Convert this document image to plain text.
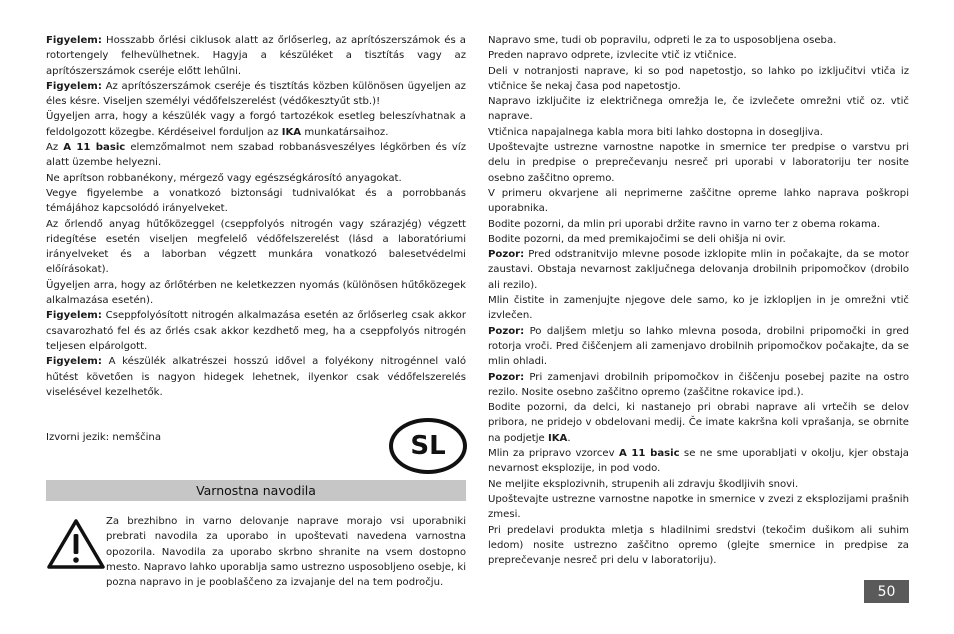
Figyelem: Hosszabb őrlési ciklusok alatt az őrlőserleg, az aprítószerszámok és a rotortengely felhevülhetnek. Hagyja a készüléket a tisztítás vagy az aprítószerszámok cseréje előtt lehűlni.

Figyelem: Az aprítószerszámok cseréje és tisztítás közben különösen ügyeljen az éles késre. Viseljen személyi védőfelszerelést (védőkesztyűt stb.)!

Ügyeljen arra, hogy a készülék vagy a forgó tartozékok esetleg beleszívhatnak a feldolgozott közegbe. Kérdéseivel forduljon az IKA munkatársaihoz.

Az A 11 basic elemzőmalmot nem szabad robbanásveszélyes légkörben és víz alatt üzembe helyezni.

Ne aprítson robbanékony, mérgező vagy egészségkárosító anyagokat.

Vegye figyelembe a vonatkozó biztonsági tudnivalókat és a porrobbanás témájához kapcsolódó irányelveket.

Az őrlendő anyag hűtőközeggel (cseppfolyós nitrogén vagy szárazjég) végzett ridegítése esetén viseljen megfelelő védőfelszerelést (lásd a laboratóriumi irányelveket és a laborban végzett munkára vonatkozó balesetvédelmi előírásokat).

Ügyeljen arra, hogy az őrlőtérben ne keletkezzen nyomás (különösen hűtőközegek alkalmazása esetén).

Figyelem: Cseppfolyósított nitrogén alkalmazása esetén az őrlőserleg csak akkor csavarozható fel és az őrlés csak akkor kezdhető meg, ha a cseppfolyós nitrogén teljesen elpárolgott.

Figyelem: A készülék alkatrészei hosszú idővel a folyékony nitrogénnel való hűtést követően is nagyon hidegek lehetnek, ilyenkor csak védőfelszerelés viselésével kezelhetők.

Izvorni jezik: nemščina	SL
Varnostna navodila
Za brezhibno in varno delovanje naprave morajo vsi uporabniki prebrati navodila za uporabo in upoštevati navedena varnostna opozorila. Navodila za uporabo skrbno shranite na vsem dostopno mesto. Napravo lahko uporablja samo ustrezno usposobljeno osebje, ki pozna napravo in je pooblaščeno za izvajanje del na tem področju.

Napravo sme, tudi ob popravilu, odpreti le za to usposobljena oseba.

Preden napravo odprete, izvlecite vtič iz vtičnice.

Deli v notranjosti naprave, ki so pod napetostjo, so lahko po izključitvi vtiča iz vtičnice še nekaj časa pod napetostjo.

Napravo izključite iz električnega omrežja le, če izvlečete omrežni vtič oz. vtič naprave.

Vtičnica napajalnega kabla mora biti lahko dostopna in dosegljiva.

Upoštevajte ustrezne varnostne napotke in smernice ter predpise o varstvu pri delu in predpise o preprečevanju nesreč pri uporabi v laboratoriju ter nosite osebno zaščitno opremo.

V primeru okvarjene ali neprimerne zaščitne opreme lahko naprava poškropi uporabnika.

Bodite pozorni, da mlin pri uporabi držite ravno in varno ter z obema rokama.

Bodite pozorni, da med premikajočimi se deli ohišja ni ovir.

Pozor: Pred odstranitvijo mlevne posode izklopite mlin in počakajte, da se motor zaustavi. Obstaja nevarnost zaključnega delovanja drobilnih pripomočkov (drobilo ali rezilo).

Mlin čistite in zamenjujte njegove dele samo, ko je izklopljen in je omrežni vtič izvlečen.

Pozor: Po daljšem mletju so lahko mlevna posoda, drobilni pripomočki in gred rotorja vroči. Pred čiščenjem ali zamenjavo drobilnih pripomočkov počakajte, da se mlin ohladi.

Pozor: Pri zamenjavi drobilnih pripomočkov in čiščenju posebej pazite na ostro rezilo. Nosite osebno zaščitno opremo (zaščitne rokavice ipd.).

Bodite pozorni, da delci, ki nastanejo pri obrabi naprave ali vrtečih se delov pribora, ne pridejo v obdelovani medij. Če imate kakršna koli vprašanja, se obrnite na podjetje IKA.

Mlin za pripravo vzorcev A 11 basic se ne sme uporabljati v okolju, kjer obstaja nevarnost eksplozije, in pod vodo.

Ne meljite eksplozivnih, strupenih ali zdravju škodljivih snovi.

Upoštevajte ustrezne varnostne napotke in smernice v zvezi z eksplozijami prašnih zmesi.

Pri predelavi produkta mletja s hladilnimi sredstvi (tekočim dušikom ali suhim ledom) nosite ustrezno zaščitno opremo (glejte smernice in predpise za preprečevanje nesreč pri delu v laboratoriju).

50
